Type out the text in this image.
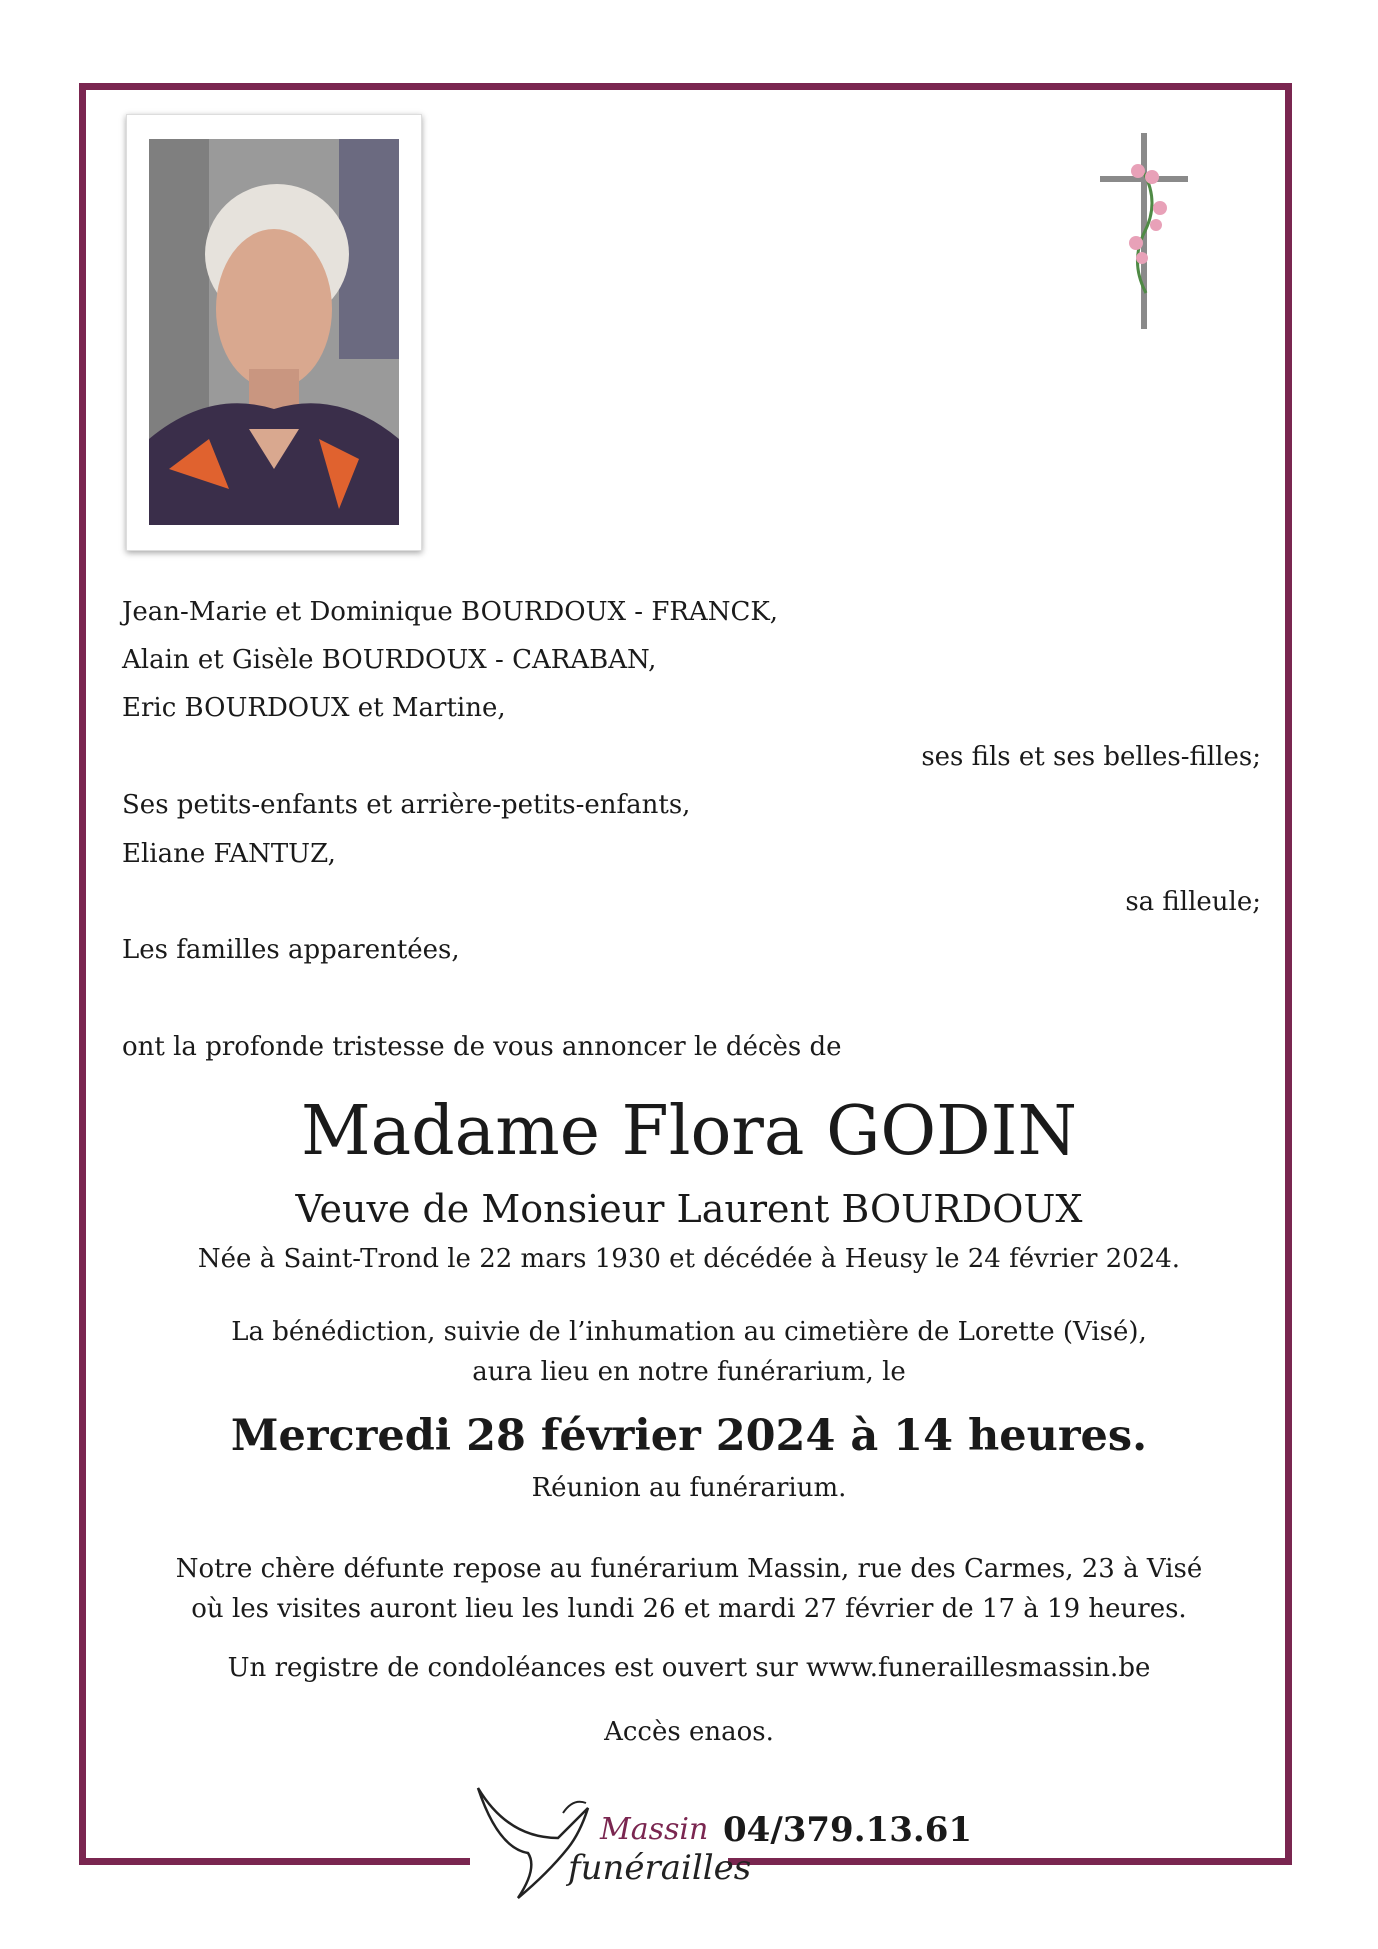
Jean-Marie et Dominique BOURDOUX - FRANCK,
Alain et Gisèle BOURDOUX - CARABAN,
Eric BOURDOUX et Martine,
ses fils et ses belles-filles;
Ses petits-enfants et arrière-petits-enfants,
Eliane FANTUZ,
sa filleule;
Les familles apparentées,
ont la profonde tristesse de vous annoncer le décès de
Madame Flora GODIN
Veuve de Monsieur Laurent BOURDOUX
Née à Saint-Trond le 22 mars 1930 et décédée à Heusy le 24 février 2024.
La bénédiction, suivie de l’inhumation au cimetière de Lorette (Visé),
aura lieu en notre funérarium, le
Mercredi 28 février 2024 à 14 heures.
Réunion au funérarium.
Notre chère défunte repose au funérarium Massin, rue des Carmes, 23 à Visé
où les visites auront lieu les lundi 26 et mardi 27 février de 17 à 19 heures.
Un registre de condoléances est ouvert sur www.funeraillesmassin.be
Accès enaos.
Massin
funérailles
04/379.13.61
